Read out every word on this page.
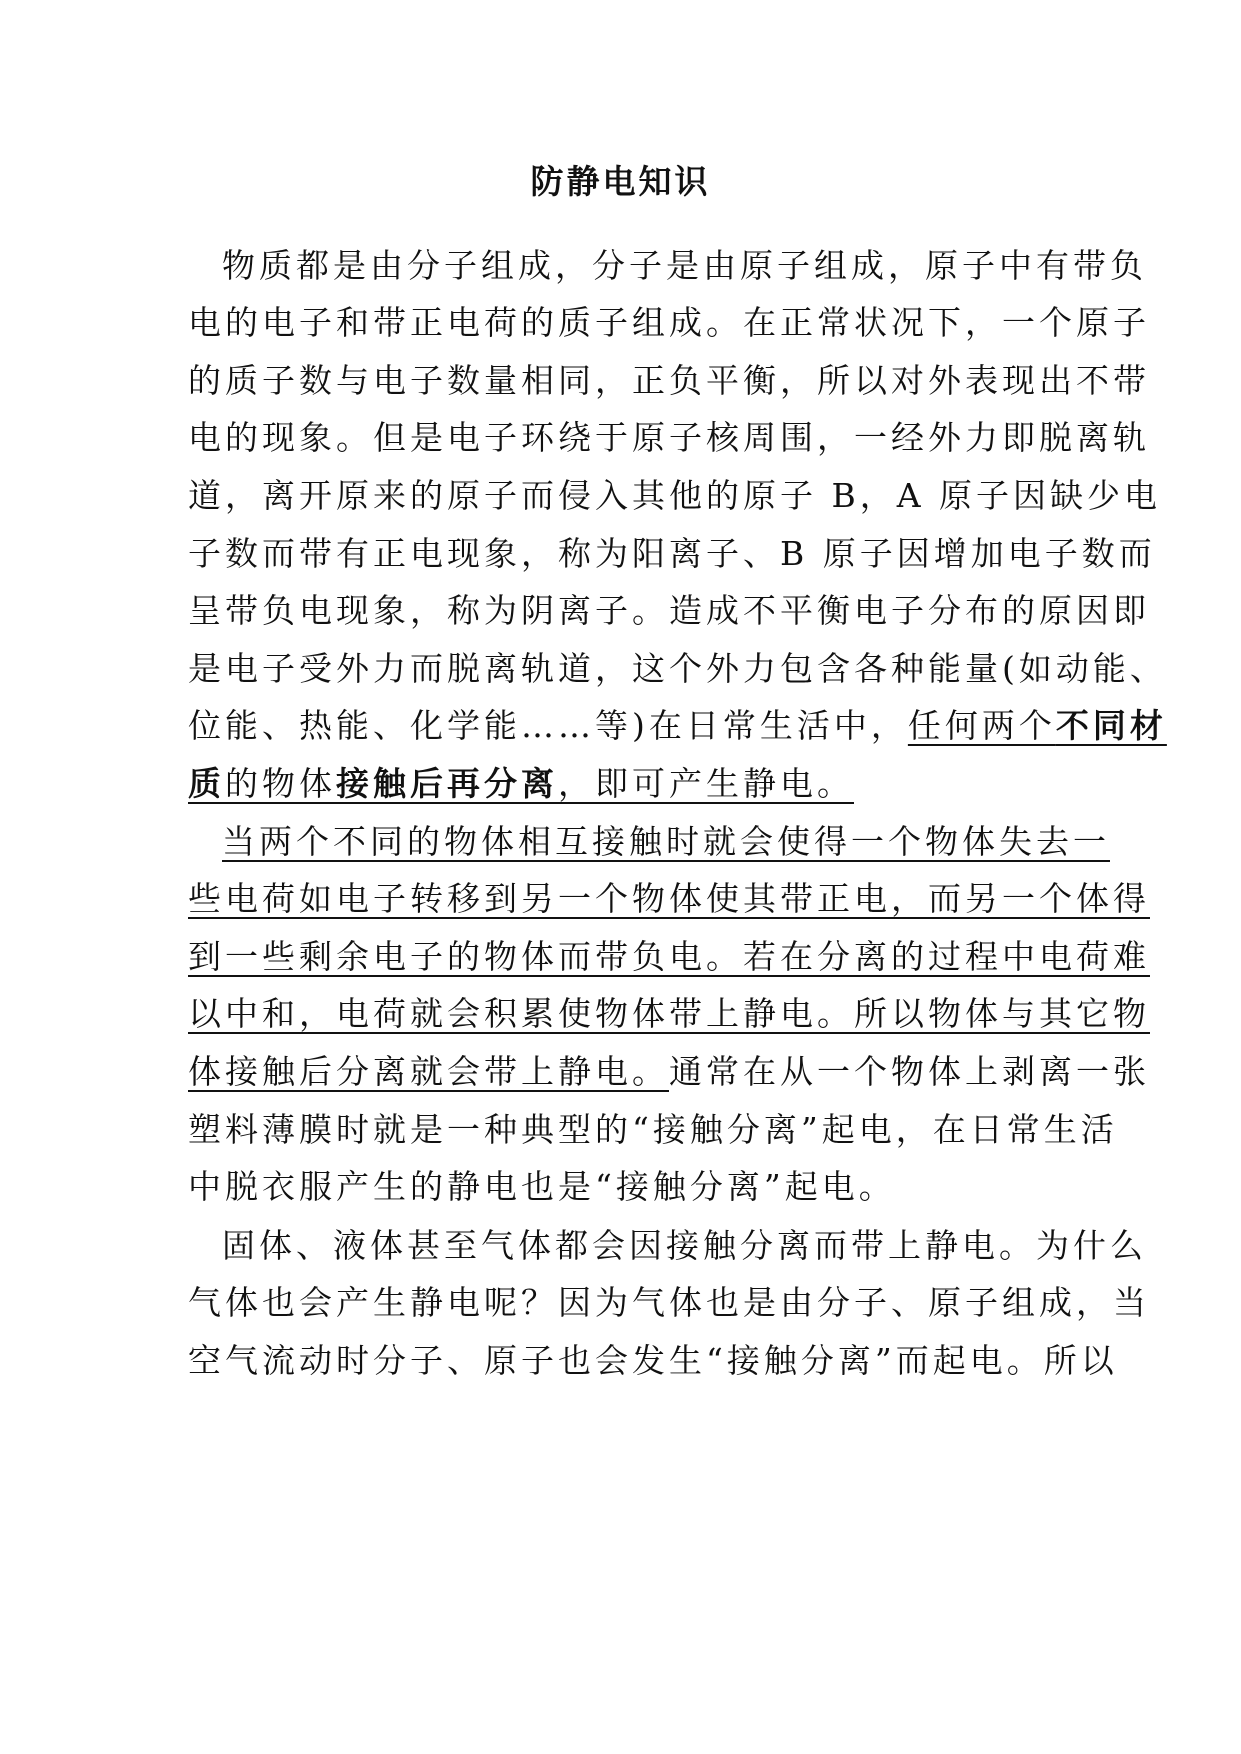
防静电知识
物质都是由分子组成，分子是由原子组成，原子中有带负
电的电子和带正电荷的质子组成。在正常状况下，一个原子
的质子数与电子数量相同，正负平衡，所以对外表现出不带
电的现象。但是电子环绕于原子核周围，一经外力即脱离轨
道，离开原来的原子而侵入其他的原子 B，A 原子因缺少电
子数而带有正电现象，称为阳离子、B 原子因增加电子数而
呈带负电现象，称为阴离子。造成不平衡电子分布的原因即
是电子受外力而脱离轨道，这个外力包含各种能量(如动能、
位能、热能、化学能……等)在日常生活中，任何两个不同材
质的物体接触后再分离，即可产生静电。
当两个不同的物体相互接触时就会使得一个物体失去一
些电荷如电子转移到另一个物体使其带正电，而另一个体得
到一些剩余电子的物体而带负电。若在分离的过程中电荷难
以中和，电荷就会积累使物体带上静电。所以物体与其它物
体接触后分离就会带上静电。通常在从一个物体上剥离一张
塑料薄膜时就是一种典型的“接触分离”起电，在日常生活
中脱衣服产生的静电也是“接触分离”起电。
固体、液体甚至气体都会因接触分离而带上静电。为什么
气体也会产生静电呢？因为气体也是由分子、原子组成，当
空气流动时分子、原子也会发生“接触分离”而起电。所以
